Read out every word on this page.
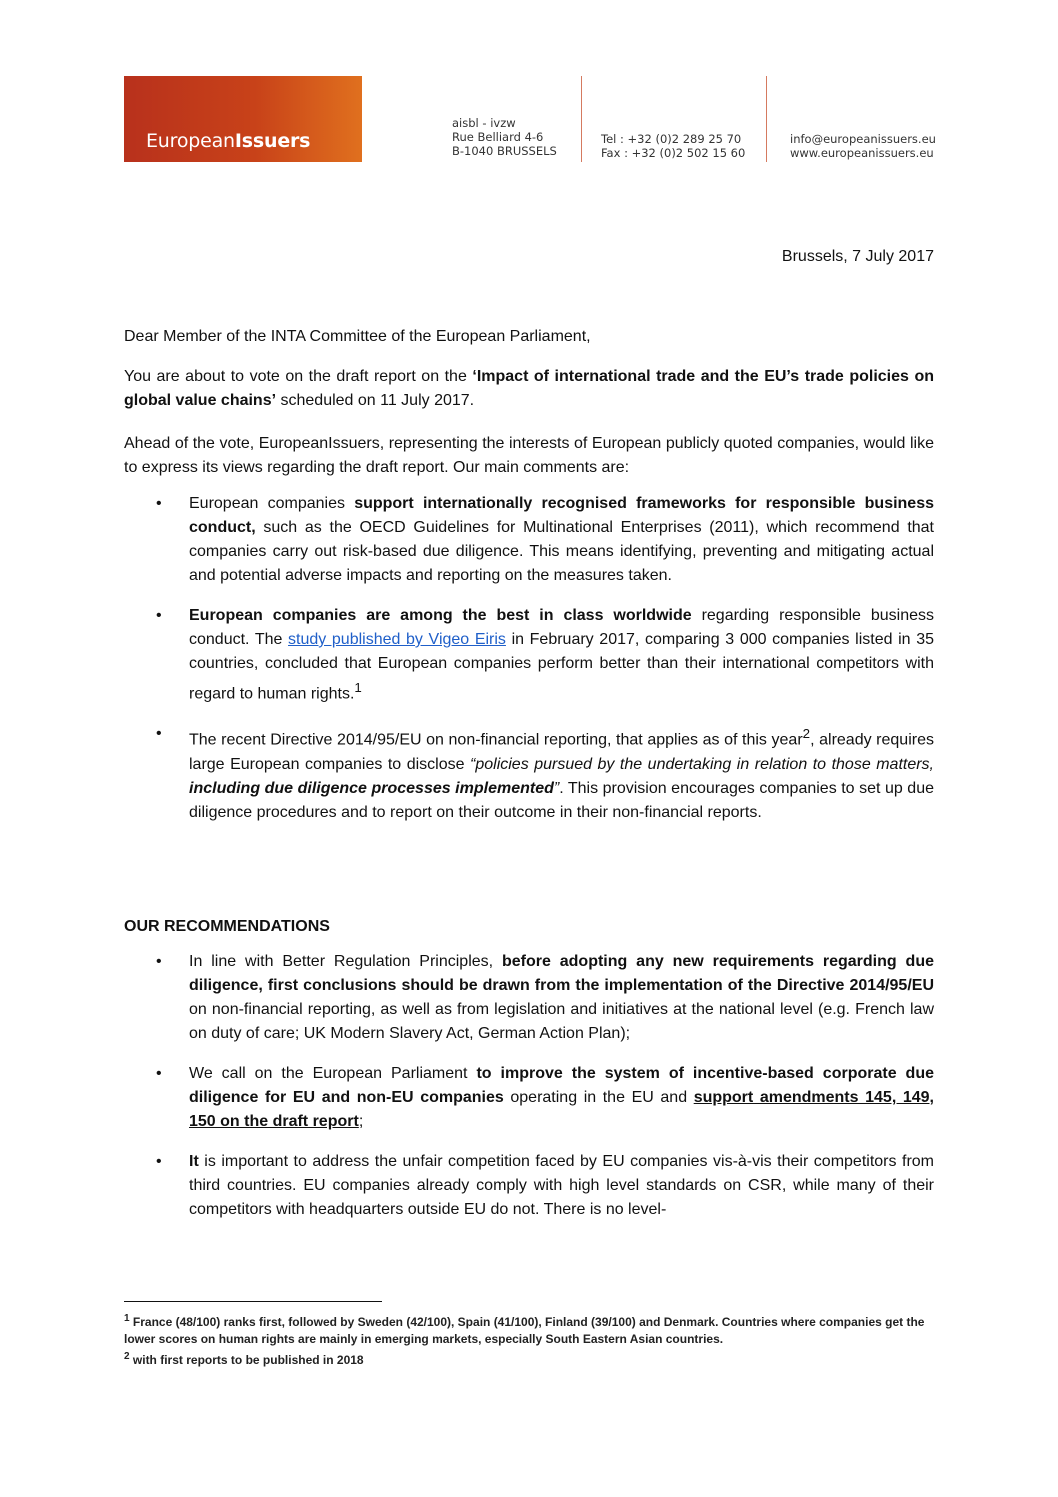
EuropeanIssuers
aisbl - ivzw
Rue Belliard 4-6
B-1040 BRUSSELS
Tel : +32 (0)2 289 25 70
Fax : +32 (0)2 502 15 60
info@europeanissuers.eu
www.europeanissuers.eu
Brussels, 7 July 2017
Dear Member of the INTA Committee of the European Parliament,
You are about to vote on the draft report on the ‘Impact of international trade and the EU’s trade policies on global value chains’ scheduled on 11 July 2017.
Ahead of the vote, EuropeanIssuers, representing the interests of European publicly quoted companies, would like to express its views regarding the draft report. Our main comments are:
• European companies support internationally recognised frameworks for responsible business conduct, such as the OECD Guidelines for Multinational Enterprises (2011), which recommend that companies carry out risk-based due diligence. This means identifying, preventing and mitigating actual and potential adverse impacts and reporting on the measures taken.
• European companies are among the best in class worldwide regarding responsible business conduct. The study published by Vigeo Eiris in February 2017, comparing 3 000 companies listed in 35 countries, concluded that European companies perform better than their international competitors with regard to human rights.$^1$
• The recent Directive 2014/95/EU on non-financial reporting, that applies as of this year$^2$, already requires large European companies to disclose “policies pursued by the undertaking in relation to those matters, including due diligence processes implemented”. This provision encourages companies to set up due diligence procedures and to report on their outcome in their non-financial reports.
OUR RECOMMENDATIONS
• In line with Better Regulation Principles, before adopting any new requirements regarding due diligence, first conclusions should be drawn from the implementation of the Directive 2014/95/EU on non-financial reporting, as well as from legislation and initiatives at the national level (e.g. French law on duty of care; UK Modern Slavery Act, German Action Plan);
• We call on the European Parliament to improve the system of incentive-based corporate due diligence for EU and non-EU companies operating in the EU and support amendments 145, 149, 150 on the draft report;
• It is important to address the unfair competition faced by EU companies vis-à-vis their competitors from third countries. EU companies already comply with high level standards on CSR, while many of their competitors with headquarters outside EU do not. There is no level-
$^1$ France (48/100) ranks first, followed by Sweden (42/100), Spain (41/100), Finland (39/100) and Denmark. Countries where companies get the lower scores on human rights are mainly in emerging markets, especially South Eastern Asian countries.
$^2$ with first reports to be published in 2018
